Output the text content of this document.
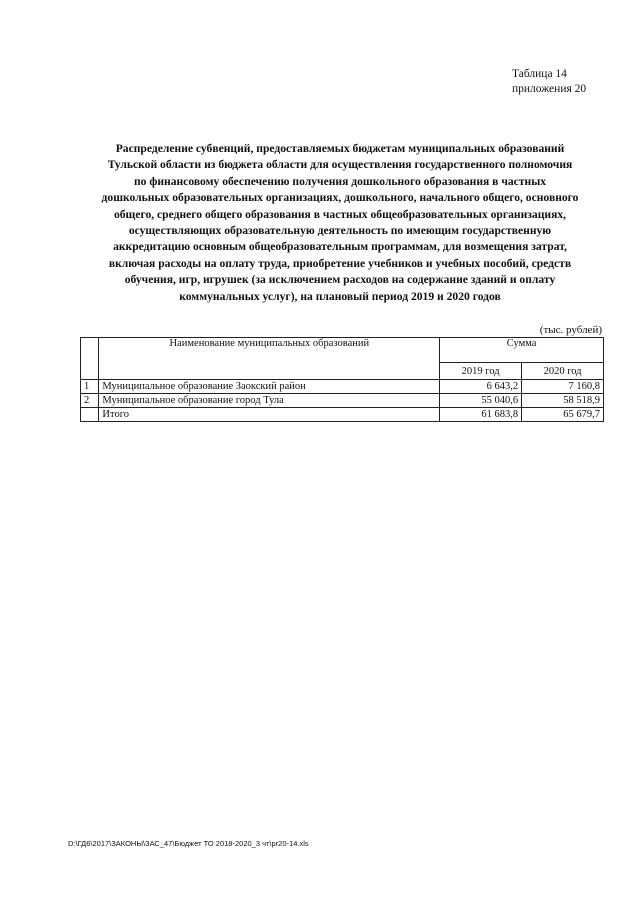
Таблица 14
приложения 20
Распределение субвенций, предоставляемых бюджетам муниципальных образований
Тульской области из бюджета области для осуществления государственного полномочия
по финансовому обеспечению получения дошкольного образования в частных
дошкольных образовательных организациях, дошкольного, начального общего, основного
общего, среднего общего образования в частных общеобразовательных организациях,
осуществляющих образовательную деятельность по имеющим государственную
аккредитацию основным общеобразовательным программам, для возмещения затрат,
включая расходы на оплату труда, приобретение учебников и учебных пособий, средств
обучения, игр, игрушек (за исключением расходов на содержание зданий и оплату
коммунальных услуг), на плановый период 2019 и 2020 годов
(тыс. рублей)
	Наименование муниципальных образований	Сумма	
		2019 год	2020 год
1	Муниципальное образование Заокский район	6 643,2	7 160,8
2	Муниципальное образование город Тула	55 040,6	58 518,9
	Итого	61 683,8	65 679,7
D:\ГД6\2017\ЗАКОНЫ\ЗАС_47\Бюджет ТО 2018-2020_3 чт\pr20-14.xls
